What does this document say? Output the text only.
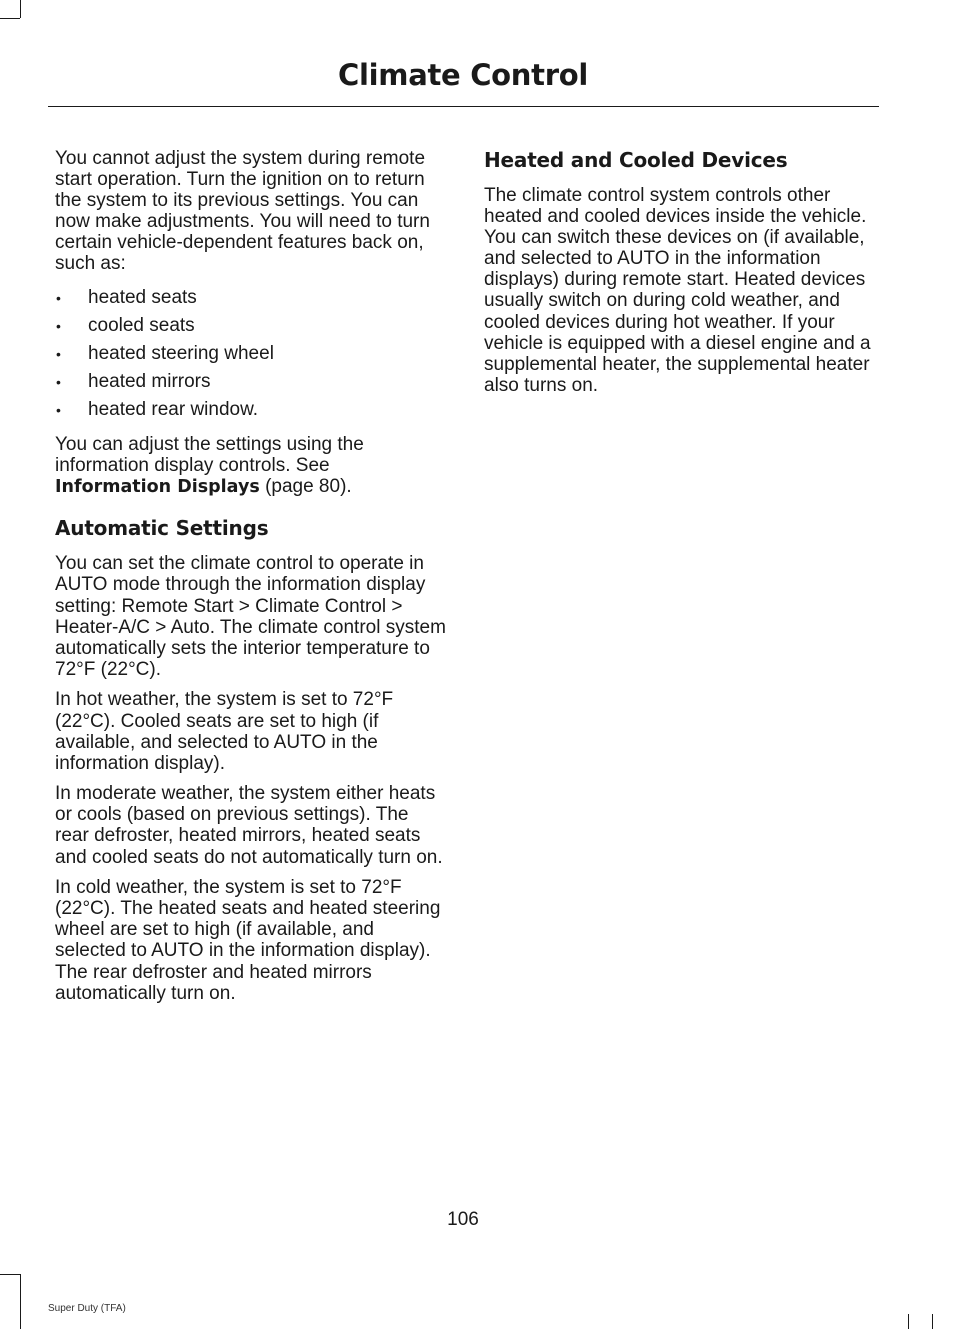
Climate Control

You cannot adjust the system during remote start operation. Turn the ignition on to return the system to its previous settings. You can now make adjustments. You will need to turn certain vehicle-dependent features back on, such as:

• heated seats
• cooled seats
• heated steering wheel
• heated mirrors
• heated rear window.

You can adjust the settings using the information display controls. See
Information Displays (page 80).

Automatic Settings

You can set the climate control to operate in AUTO mode through the information display setting: Remote Start > Climate Control > Heater-A/C > Auto. The climate control system automatically sets the interior temperature to 72°F (22°C).

In hot weather, the system is set to 72°F (22°C). Cooled seats are set to high (if available, and selected to AUTO in the information display).

In moderate weather, the system either heats or cools (based on previous settings). The rear defroster, heated mirrors, heated seats and cooled seats do not automatically turn on.

In cold weather, the system is set to 72°F (22°C). The heated seats and heated steering wheel are set to high (if available, and selected to AUTO in the information display). The rear defroster and heated mirrors automatically turn on.

Heated and Cooled Devices

The climate control system controls other heated and cooled devices inside the vehicle. You can switch these devices on (if available, and selected to AUTO in the information displays) during remote start. Heated devices usually switch on during cold weather, and cooled devices during hot weather. If your vehicle is equipped with a diesel engine and a supplemental heater, the supplemental heater also turns on.

106
Super Duty (TFA)
